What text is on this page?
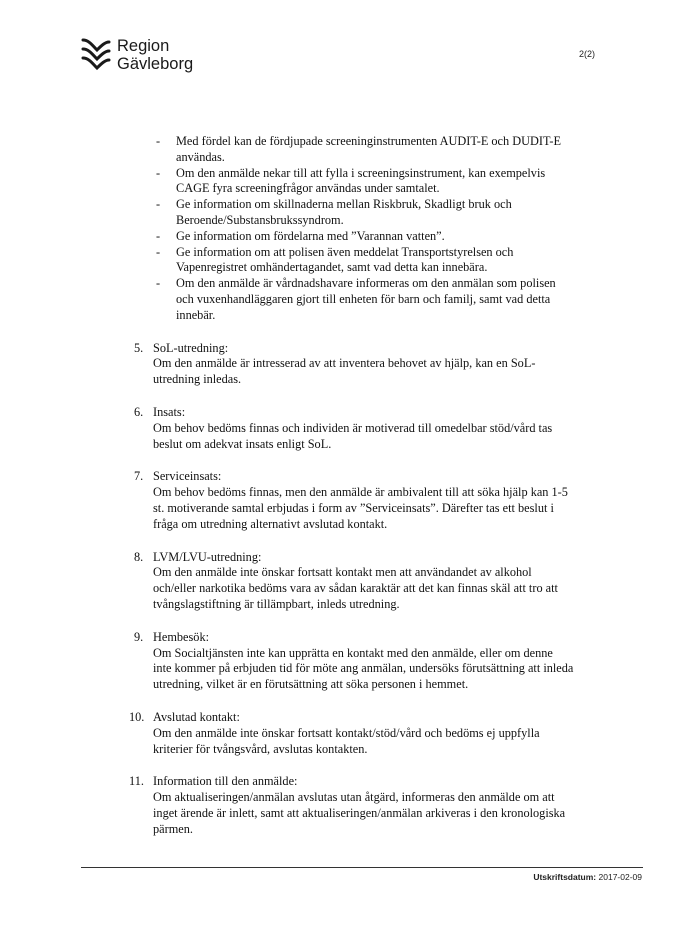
Region
Gävleborg
2(2)
- Med fördel kan de fördjupade screeninginstrumenten AUDIT-E och DUDIT-E användas.
- Om den anmälde nekar till att fylla i screeningsinstrument, kan exempelvis CAGE fyra screeningfrågor användas under samtalet.
- Ge information om skillnaderna mellan Riskbruk, Skadligt bruk och Beroende/Substansbrukssyndrom.
- Ge information om fördelarna med ”Varannan vatten”.
- Ge information om att polisen även meddelat Transportstyrelsen och Vapenregistret omhändertagandet, samt vad detta kan innebära.
- Om den anmälde är vårdnadshavare informeras om den anmälan som polisen och vuxenhandläggaren gjort till enheten för barn och familj, samt vad detta innebär.
5. SoL-utredning:
Om den anmälde är intresserad av att inventera behovet av hjälp, kan en SoL-utredning inledas.
6. Insats:
Om behov bedöms finnas och individen är motiverad till omedelbar stöd/vård tas beslut om adekvat insats enligt SoL.
7. Serviceinsats:
Om behov bedöms finnas, men den anmälde är ambivalent till att söka hjälp kan 1-5 st. motiverande samtal erbjudas i form av ”Serviceinsats”. Därefter tas ett beslut i fråga om utredning alternativt avslutad kontakt.
8. LVM/LVU-utredning:
Om den anmälde inte önskar fortsatt kontakt men att användandet av alkohol och/eller narkotika bedöms vara av sådan karaktär att det kan finnas skäl att tro att tvångslagstiftning är tillämpbart, inleds utredning.
9. Hembesök:
Om Socialtjänsten inte kan upprätta en kontakt med den anmälde, eller om denne inte kommer på erbjuden tid för möte ang anmälan, undersöks förutsättning att inleda utredning, vilket är en förutsättning att söka personen i hemmet.
10. Avslutad kontakt:
Om den anmälde inte önskar fortsatt kontakt/stöd/vård och bedöms ej uppfylla kriterier för tvångsvård, avslutas kontakten.
11. Information till den anmälde:
Om aktualiseringen/anmälan avslutas utan åtgärd, informeras den anmälde om att inget ärende är inlett, samt att aktualiseringen/anmälan arkiveras i den kronologiska pärmen.
Utskriftsdatum: 2017-02-09
